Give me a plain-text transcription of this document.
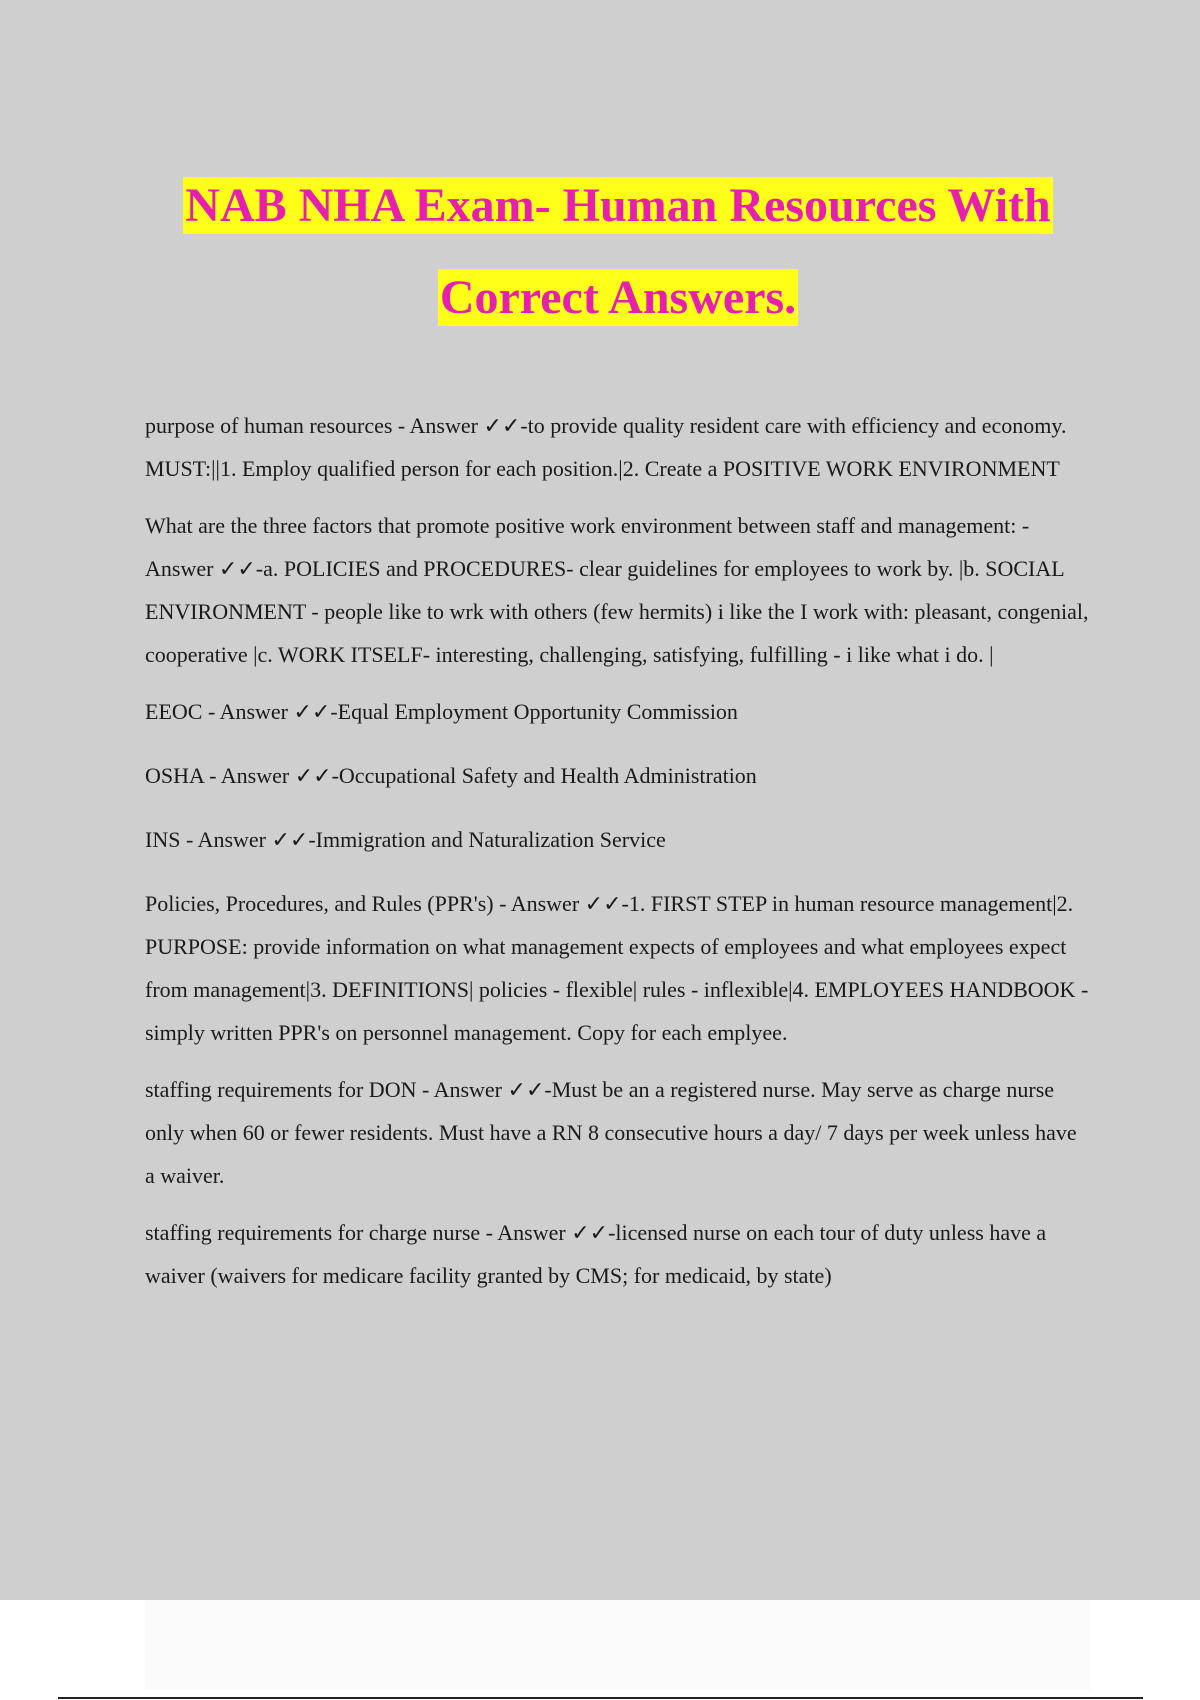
NAB NHA Exam- Human Resources With
Correct Answers.

purpose of human resources - Answer ✓✓-to provide quality resident care with efficiency and economy. MUST:||1. Employ qualified person for each position.|2. Create a POSITIVE WORK ENVIRONMENT

What are the three factors that promote positive work environment between staff and management: - Answer ✓✓-a. POLICIES and PROCEDURES- clear guidelines for employees to work by. |b. SOCIAL ENVIRONMENT - people like to wrk with others (few hermits) i like the I work with: pleasant, congenial, cooperative |c. WORK ITSELF- interesting, challenging, satisfying, fulfilling - i like what i do. |

EEOC - Answer ✓✓-Equal Employment Opportunity Commission

OSHA - Answer ✓✓-Occupational Safety and Health Administration

INS - Answer ✓✓-Immigration and Naturalization Service

Policies, Procedures, and Rules (PPR's) - Answer ✓✓-1. FIRST STEP in human resource management|2. PURPOSE: provide information on what management expects of employees and what employees expect from management|3. DEFINITIONS| policies - flexible| rules - inflexible|4. EMPLOYEES HANDBOOK - simply written PPR's on personnel management. Copy for each emplyee.

staffing requirements for DON - Answer ✓✓-Must be an a registered nurse. May serve as charge nurse only when 60 or fewer residents. Must have a RN 8 consecutive hours a day/ 7 days per week unless have a waiver.

staffing requirements for charge nurse - Answer ✓✓-licensed nurse on each tour of duty unless have a waiver (waivers for medicare facility granted by CMS; for medicaid, by state)
